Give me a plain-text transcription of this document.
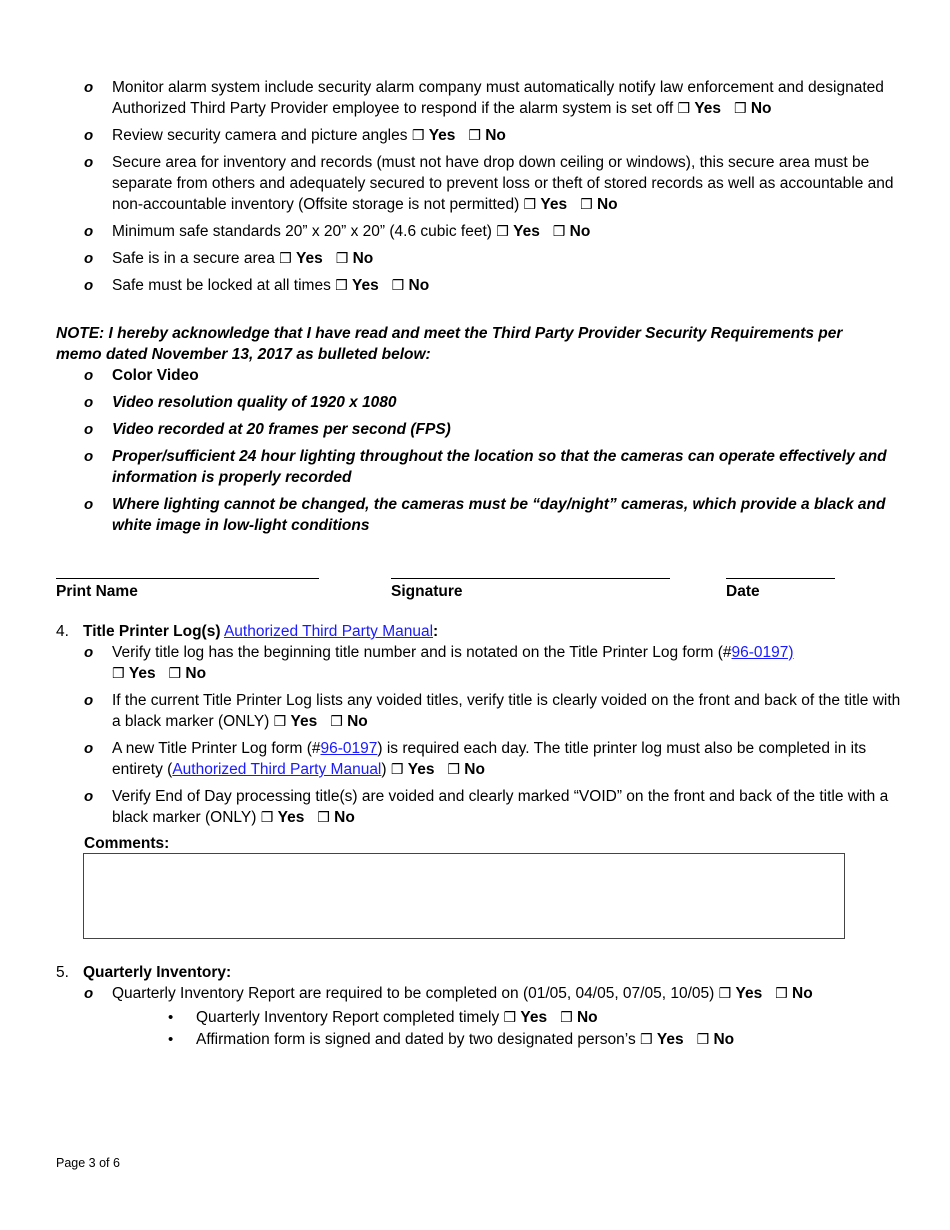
o Monitor alarm system include security alarm company must automatically notify law enforcement and designated Authorized Third Party Provider employee to respond if the alarm system is set off ❒ Yes ❒ No
o Review security camera and picture angles ❒ Yes ❒ No
o Secure area for inventory and records (must not have drop down ceiling or windows), this secure area must be separate from others and adequately secured to prevent loss or theft of stored records as well as accountable and non-accountable inventory (Offsite storage is not permitted) ❒ Yes ❒ No
o Minimum safe standards 20” x 20” x 20” (4.6 cubic feet) ❒ Yes ❒ No
o Safe is in a secure area ❒ Yes ❒ No
o Safe must be locked at all times ❒ Yes ❒ No
NOTE: I hereby acknowledge that I have read and meet the Third Party Provider Security Requirements per memo dated November 13, 2017 as bulleted below:
o Color Video
o Video resolution quality of 1920 x 1080
o Video recorded at 20 frames per second (FPS)
o Proper/sufficient 24 hour lighting throughout the location so that the cameras can operate effectively and information is properly recorded
o Where lighting cannot be changed, the cameras must be “day/night” cameras, which provide a black and white image in low-light conditions
Print Name	Signature	Date
4. Title Printer Log(s) Authorized Third Party Manual:
o Verify title log has the beginning title number and is notated on the Title Printer Log form (#96-0197)
❒ Yes ❒ No
o If the current Title Printer Log lists any voided titles, verify title is clearly voided on the front and back of the title with a black marker (ONLY) ❒ Yes ❒ No
o A new Title Printer Log form (#96-0197) is required each day. The title printer log must also be completed in its entirety (Authorized Third Party Manual) ❒ Yes ❒ No
o Verify End of Day processing title(s) are voided and clearly marked “VOID” on the front and back of the title with a black marker (ONLY) ❒ Yes ❒ No
Comments:
5. Quarterly Inventory:
o Quarterly Inventory Report are required to be completed on (01/05, 04/05, 07/05, 10/05) ❒ Yes ❒ No
• Quarterly Inventory Report completed timely ❒ Yes ❒ No
• Affirmation form is signed and dated by two designated person’s ❒ Yes ❒ No
Page 3 of 6
